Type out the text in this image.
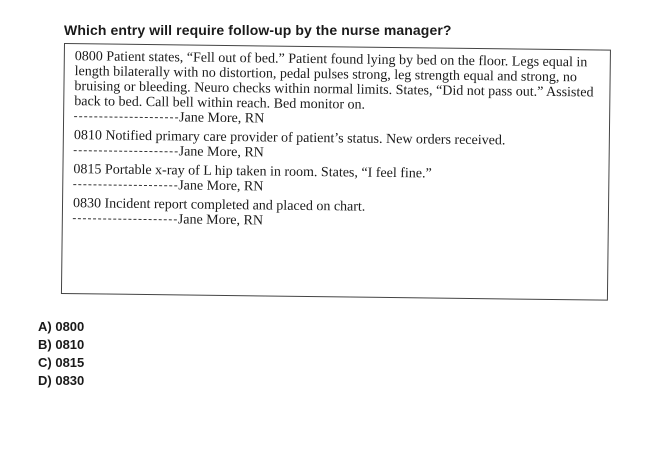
Which entry will require follow-up by the nurse manager?

0800 Patient states, “Fell out of bed.” Patient found lying by bed on the floor. Legs equal in length bilaterally with no distortion, pedal pulses strong, leg strength equal and strong, no bruising or bleeding. Neuro checks within normal limits. States, “Did not pass out.” Assisted back to bed. Call bell within reach. Bed monitor on.

Jane More, RN

0810 Notified primary care provider of patient’s status. New orders received.

Jane More, RN

0815 Portable x-ray of L hip taken in room. States, “I feel fine.”

Jane More, RN

0830 Incident report completed and placed on chart.

Jane More, RN
A) 0800
B) 0810
C) 0815
D) 0830
